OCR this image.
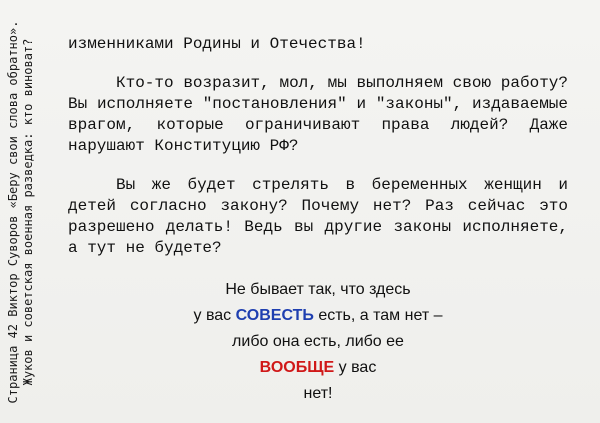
Страница 42 Виктор Суворов «Беру свои слова обратно». Жуков и советская военная разведка: кто виноват? изменниками Родины и Отечества!

Кто-то возразит, мол, мы выполняем свою работу? Вы исполняете "постановления" и "законы", издаваемые врагом, которые ограничивают права людей? Даже нарушают Конституцию РФ?

Вы же будет стрелять в беременных женщин и детей согласно закону? Почему нет? Раз сейчас это разрешено делать! Ведь вы другие законы исполняете, а тут не будете?

Не бывает так, что здесь
у вас СОВЕСТЬ есть, а там нет –
либо она есть, либо ее
ВООБЩЕ у вас
нет!
